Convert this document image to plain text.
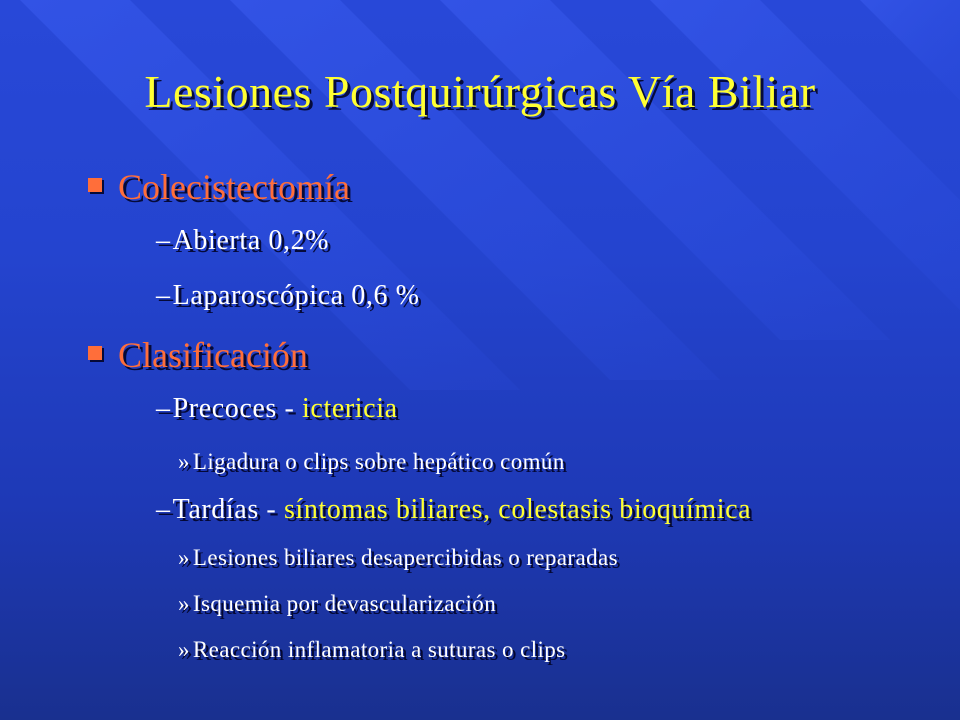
Lesiones Postquirúrgicas Vía Biliar
Colecistectomía
–Abierta 0,2%
–Laparoscópica 0,6 %
Clasificación
–Precoces - ictericia
» Ligadura o clips sobre hepático común
–Tardías - síntomas biliares, colestasis bioquímica
» Lesiones biliares desapercibidas o reparadas
» Isquemia por devascularización
» Reacción inflamatoria a suturas o clips
